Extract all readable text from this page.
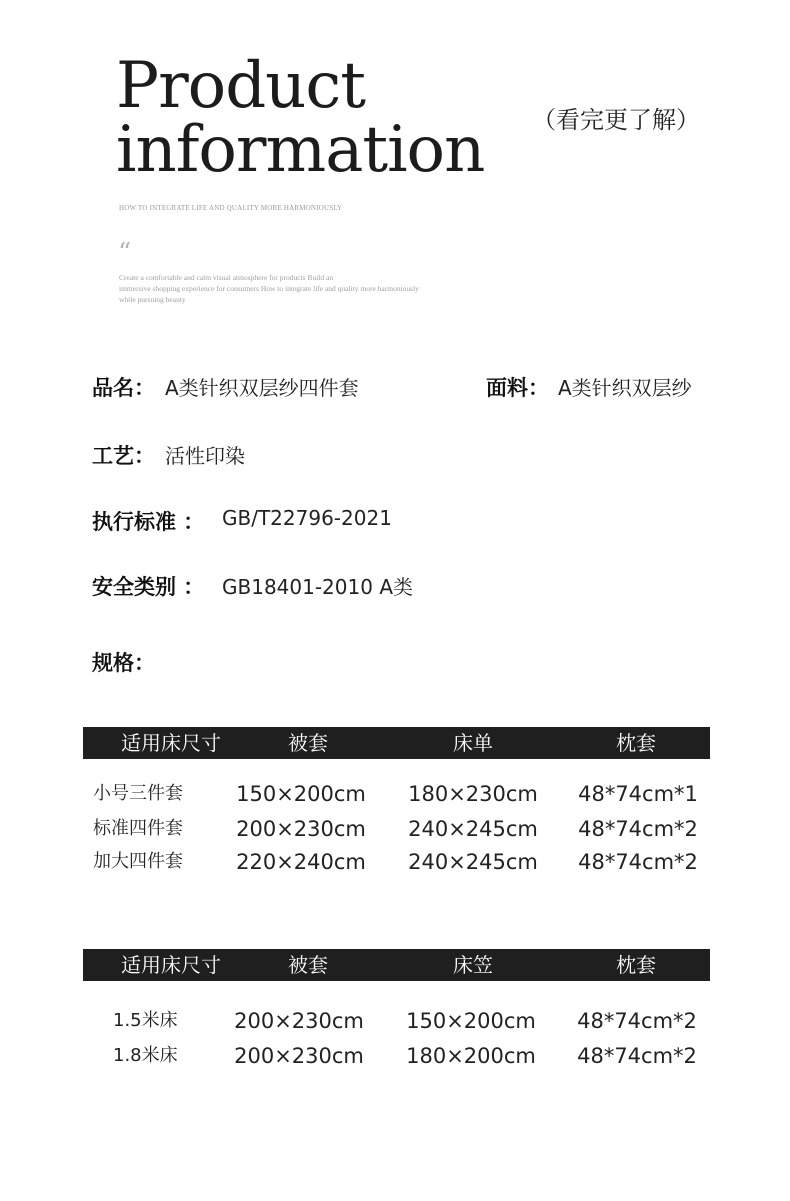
Product
information （看完更了解）
HOW TO INTEGRATE LIFE AND QUALITY MORE HARMONIOUSLY
“
Create a comfortable and calm visual atmosphere for products Build an
immersive shopping experience for consumers How to integrate life and quality more harmoniously
while pursuing beauty
品名： A类针织双层纱四件套	面料： A类针织双层纱
工艺： 活性印染
执行标准 ： GB/T22796-2021
安全类别 ： GB18401-2010 A类
规格：
适用床尺寸	被套	床单	枕套
小号三件套	150×200cm	180×230cm	48*74cm*1
标准四件套	200×230cm	240×245cm	48*74cm*2
加大四件套	220×240cm	240×245cm	48*74cm*2
适用床尺寸	被套	床笠	枕套
1.5米床	200×230cm	150×200cm	48*74cm*2
1.8米床	200×230cm	180×200cm	48*74cm*2
